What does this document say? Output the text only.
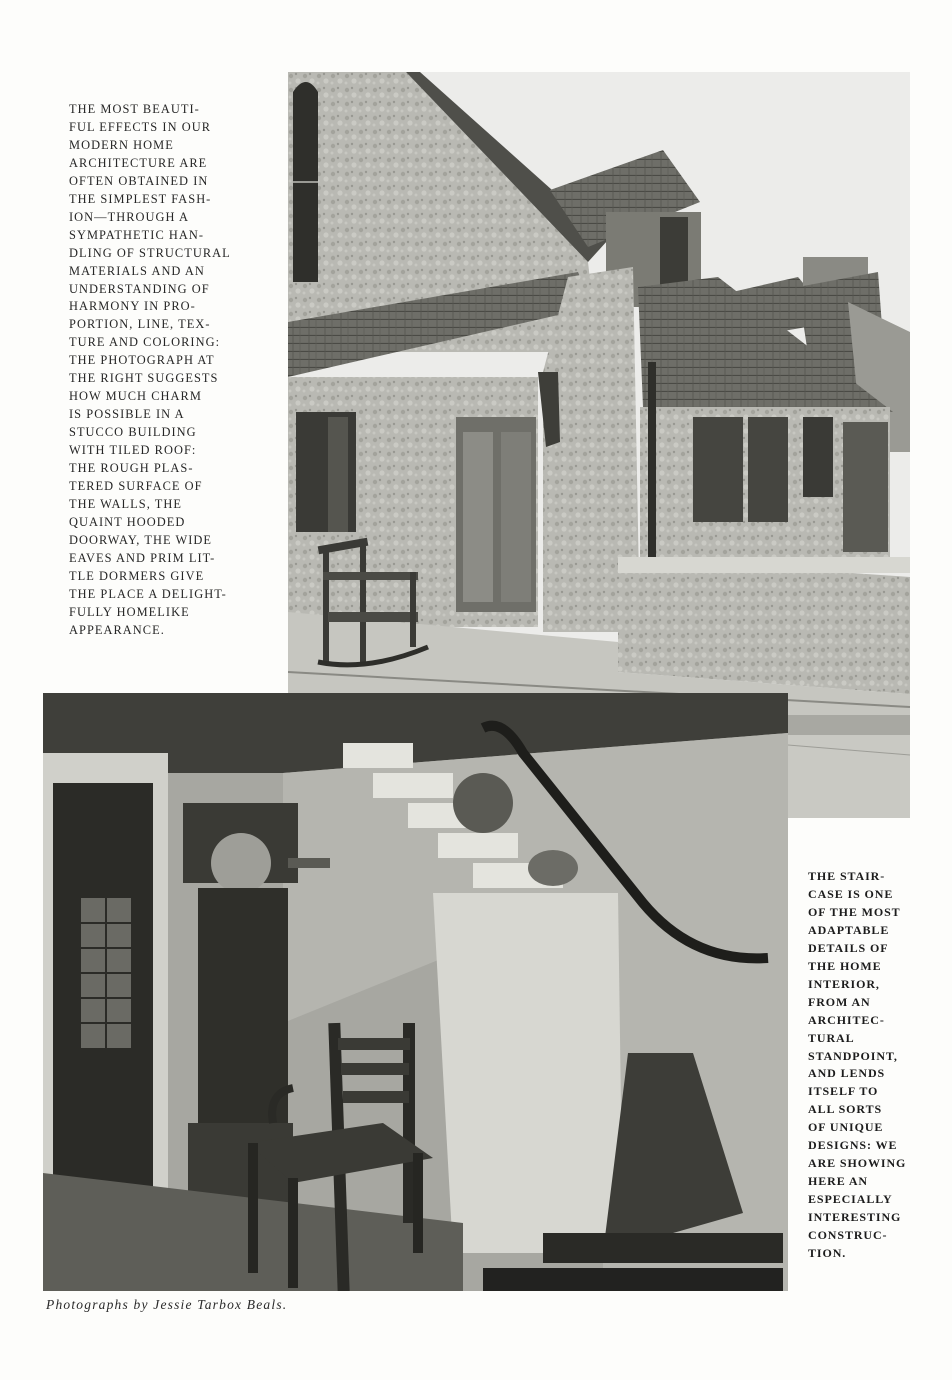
THE MOST BEAUTI-
FUL EFFECTS IN OUR
MODERN HOME
ARCHITECTURE ARE
OFTEN OBTAINED IN
THE SIMPLEST FASH-
ION—THROUGH A
SYMPATHETIC HAN-
DLING OF STRUCTURAL
MATERIALS AND AN
UNDERSTANDING OF
HARMONY IN PRO-
PORTION, LINE, TEX-
TURE AND COLORING:
THE PHOTOGRAPH AT
THE RIGHT SUGGESTS
HOW MUCH CHARM
IS POSSIBLE IN A
STUCCO BUILDING
WITH TILED ROOF:
THE ROUGH PLAS-
TERED SURFACE OF
THE WALLS, THE
QUAINT HOODED
DOORWAY, THE WIDE
EAVES AND PRIM LIT-
TLE DORMERS GIVE
THE PLACE A DELIGHT-
FULLY HOMELIKE
APPEARANCE.
THE STAIR-
CASE IS ONE
OF THE MOST
ADAPTABLE
DETAILS OF
THE HOME
INTERIOR,
FROM AN
ARCHITEC-
TURAL
STANDPOINT,
AND LENDS
ITSELF TO
ALL SORTS
OF UNIQUE
DESIGNS: WE
ARE SHOWING
HERE AN
ESPECIALLY
INTERESTING
CONSTRUC-
TION.
Photographs by Jessie Tarbox Beals.
